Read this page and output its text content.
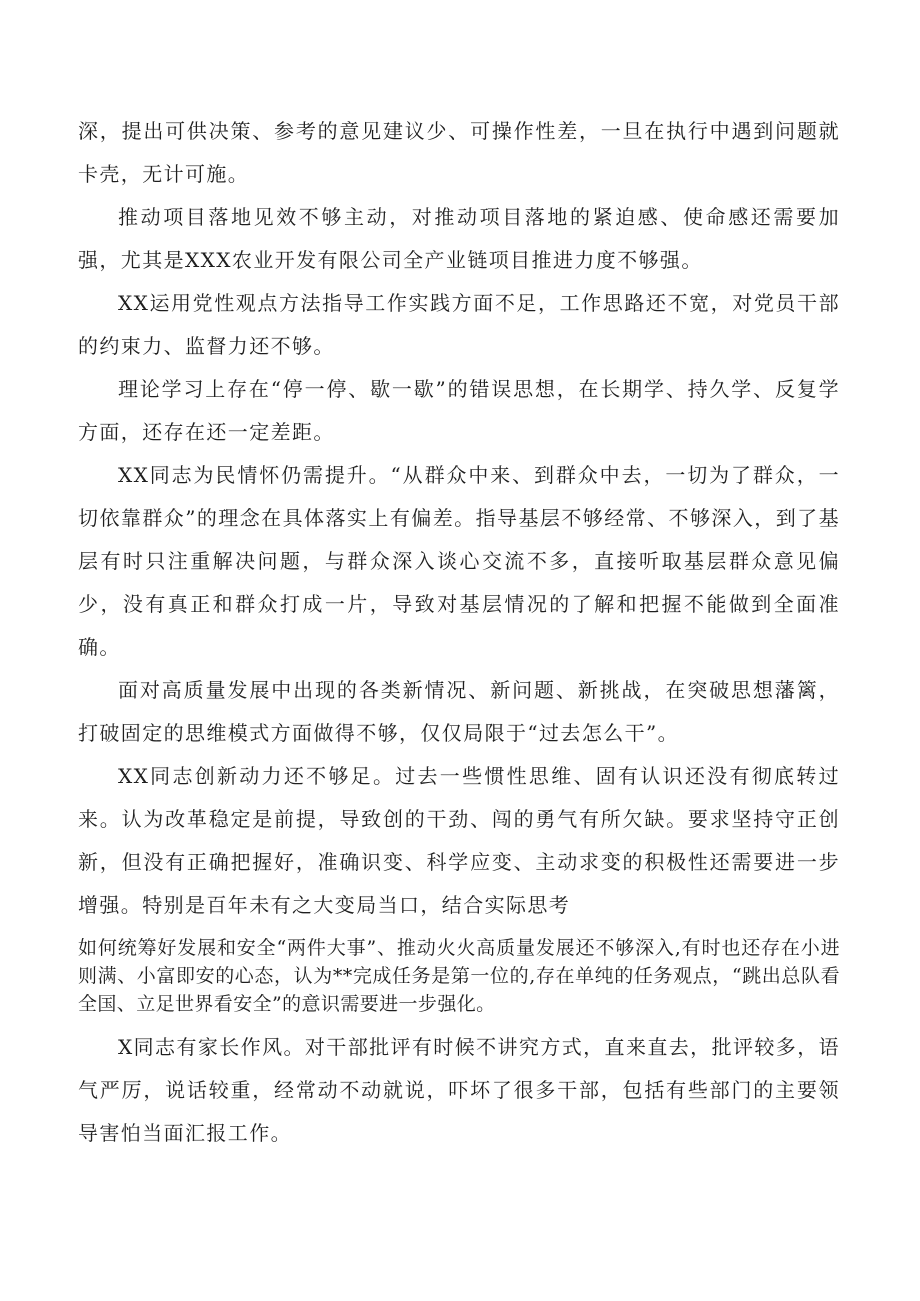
深，提出可供决策、参考的意见建议少、可操作性差，一旦在执行中遇到问题就卡壳，无计可施。

推动项目落地见效不够主动，对推动项目落地的紧迫感、使命感还需要加强，尤其是XXX农业开发有限公司全产业链项目推进力度不够强。

XX运用党性观点方法指导工作实践方面不足，工作思路还不宽，对党员干部的约束力、监督力还不够。

理论学习上存在“停一停、歇一歇”的错误思想，在长期学、持久学、反复学方面，还存在还一定差距。

XX同志为民情怀仍需提升。“从群众中来、到群众中去，一切为了群众，一切依靠群众”的理念在具体落实上有偏差。指导基层不够经常、不够深入，到了基层有时只注重解决问题，与群众深入谈心交流不多，直接听取基层群众意见偏少，没有真正和群众打成一片，导致对基层情况的了解和把握不能做到全面准确。

面对高质量发展中出现的各类新情况、新问题、新挑战，在突破思想藩篱，打破固定的思维模式方面做得不够，仅仅局限于“过去怎么干”。

XX同志创新动力还不够足。过去一些惯性思维、固有认识还没有彻底转过来。认为改革稳定是前提，导致创的干劲、闯的勇气有所欠缺。要求坚持守正创新，但没有正确把握好，准确识变、科学应变、主动求变的积极性还需要进一步增强。特别是百年未有之大变局当口，结合实际思考

如何统筹好发展和安全“两件大事”、推动火火高质量发展还不够深入,有时也还存在小进则满、小富即安的心态，认为**完成任务是第一位的,存在单纯的任务观点，“跳出总队看全国、立足世界看安全”的意识需要进一步强化。

X同志有家长作风。对干部批评有时候不讲究方式，直来直去，批评较多，语气严厉，说话较重，经常动不动就说，吓坏了很多干部，包括有些部门的主要领导害怕当面汇报工作。
